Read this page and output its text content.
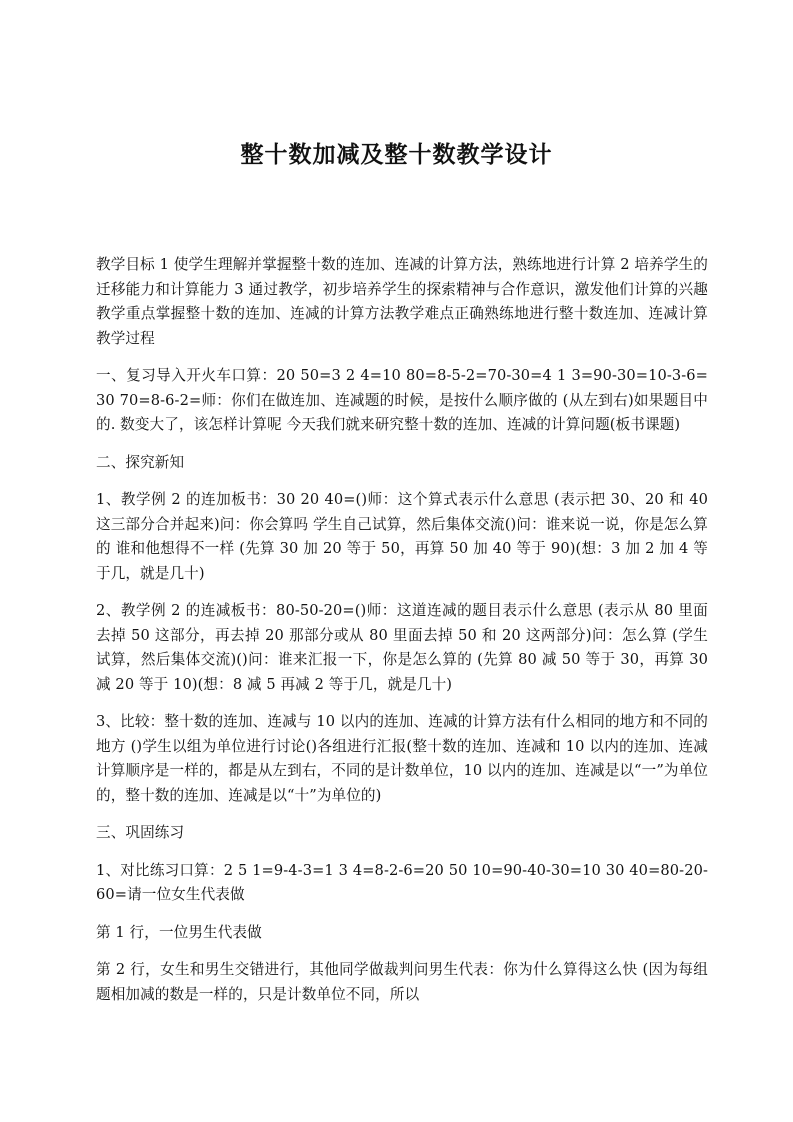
整十数加减及整十数教学设计

教学目标 1 使学生理解并掌握整十数的连加、连减的计算方法，熟练地进行计算 2 培养学生的迁移能力和计算能力 3 通过教学，初步培养学生的探索精神与合作意识，激发他们计算的兴趣教学重点掌握整十数的连加、连减的计算方法教学难点正确熟练地进行整十数连加、连减计算教学过程

一、复习导入开火车口算：20 50=3 2 4=10 80=8-5-2=70-30=4 1 3=90-30=10-3-6=30 70=8-6-2=师：你们在做连加、连减题的时候，是按什么顺序做的 (从左到右)如果题目中的. 数变大了，该怎样计算呢 今天我们就来研究整十数的连加、连减的计算问题(板书课题)

二、探究新知

1、教学例 2 的连加板书：30 20 40=()师：这个算式表示什么意思 (表示把 30、20 和 40 这三部分合并起来)问：你会算吗 学生自己试算，然后集体交流()问：谁来说一说，你是怎么算的 谁和他想得不一样 (先算 30 加 20 等于 50，再算 50 加 40 等于 90)(想：3 加 2 加 4 等于几，就是几十)

2、教学例 2 的连减板书：80-50-20=()师：这道连减的题目表示什么意思 (表示从 80 里面去掉 50 这部分，再去掉 20 那部分或从 80 里面去掉 50 和 20 这两部分)问：怎么算 (学生试算，然后集体交流)()问：谁来汇报一下，你是怎么算的 (先算 80 减 50 等于 30，再算 30 减 20 等于 10)(想：8 减 5 再减 2 等于几，就是几十)

3、比较：整十数的连加、连减与 10 以内的连加、连减的计算方法有什么相同的地方和不同的地方 ()学生以组为单位进行讨论()各组进行汇报(整十数的连加、连减和 10 以内的连加、连减计算顺序是一样的，都是从左到右，不同的是计数单位，10 以内的连加、连减是以“一”为单位的，整十数的连加、连减是以“十”为单位的)

三、巩固练习

1、对比练习口算：2 5 1=9-4-3=1 3 4=8-2-6=20 50 10=90-40-30=10 30 40=80-20-60=请一位女生代表做

第 1 行，一位男生代表做

第 2 行，女生和男生交错进行，其他同学做裁判问男生代表：你为什么算得这么快 (因为每组题相加减的数是一样的，只是计数单位不同，所以
